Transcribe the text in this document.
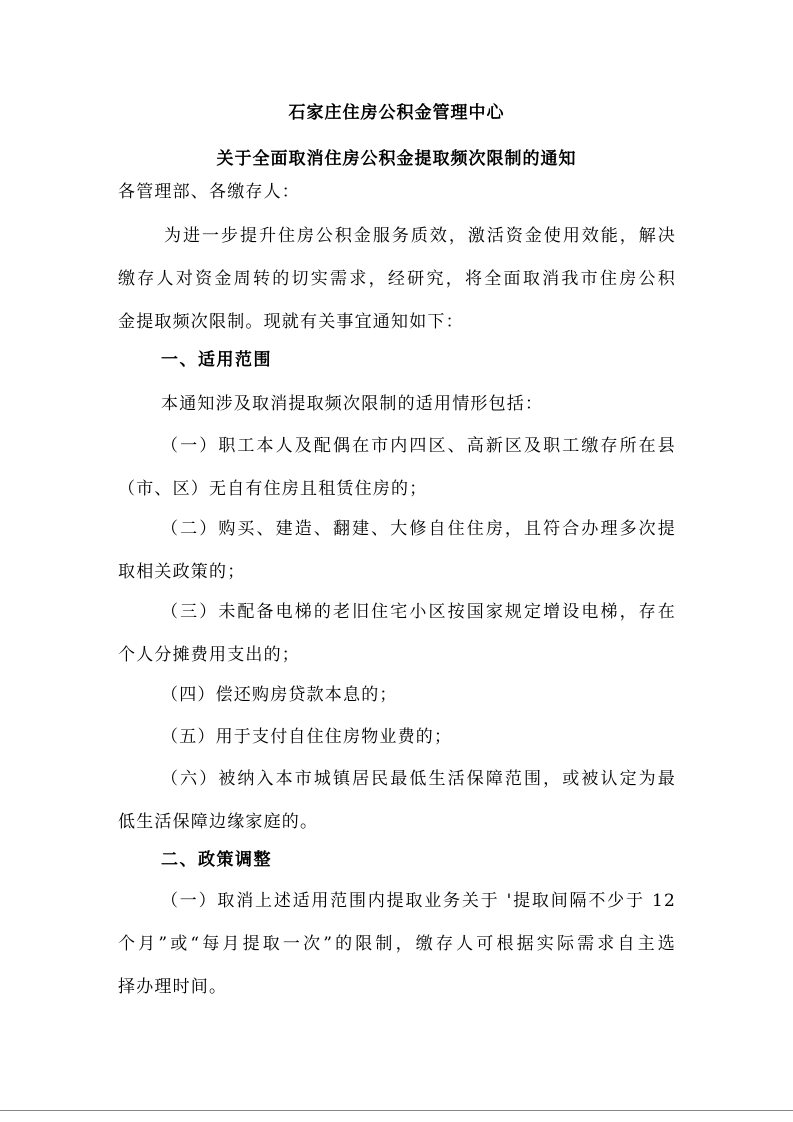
石家庄住房公积金管理中心
关于全面取消住房公积金提取频次限制的通知
各管理部、各缴存人：
为进一步提升住房公积金服务质效，激活资金使用效能，解决
缴存人对资金周转的切实需求，经研究，将全面取消我市住房公积
金提取频次限制。现就有关事宜通知如下：
一、适用范围
本通知涉及取消提取频次限制的适用情形包括：
（一）职工本人及配偶在市内四区、高新区及职工缴存所在县
（市、区）无自有住房且租赁住房的；
（二）购买、建造、翻建、大修自住住房，且符合办理多次提
取相关政策的；
（三）未配备电梯的老旧住宅小区按国家规定增设电梯，存在
个人分摊费用支出的；
（四）偿还购房贷款本息的；
（五）用于支付自住住房物业费的；
（六）被纳入本市城镇居民最低生活保障范围，或被认定为最
低生活保障边缘家庭的。
二、政策调整
（一）取消上述适用范围内提取业务关于 '提取间隔不少于 12
个月”或“每月提取一次”的限制，缴存人可根据实际需求自主选
择办理时间。
